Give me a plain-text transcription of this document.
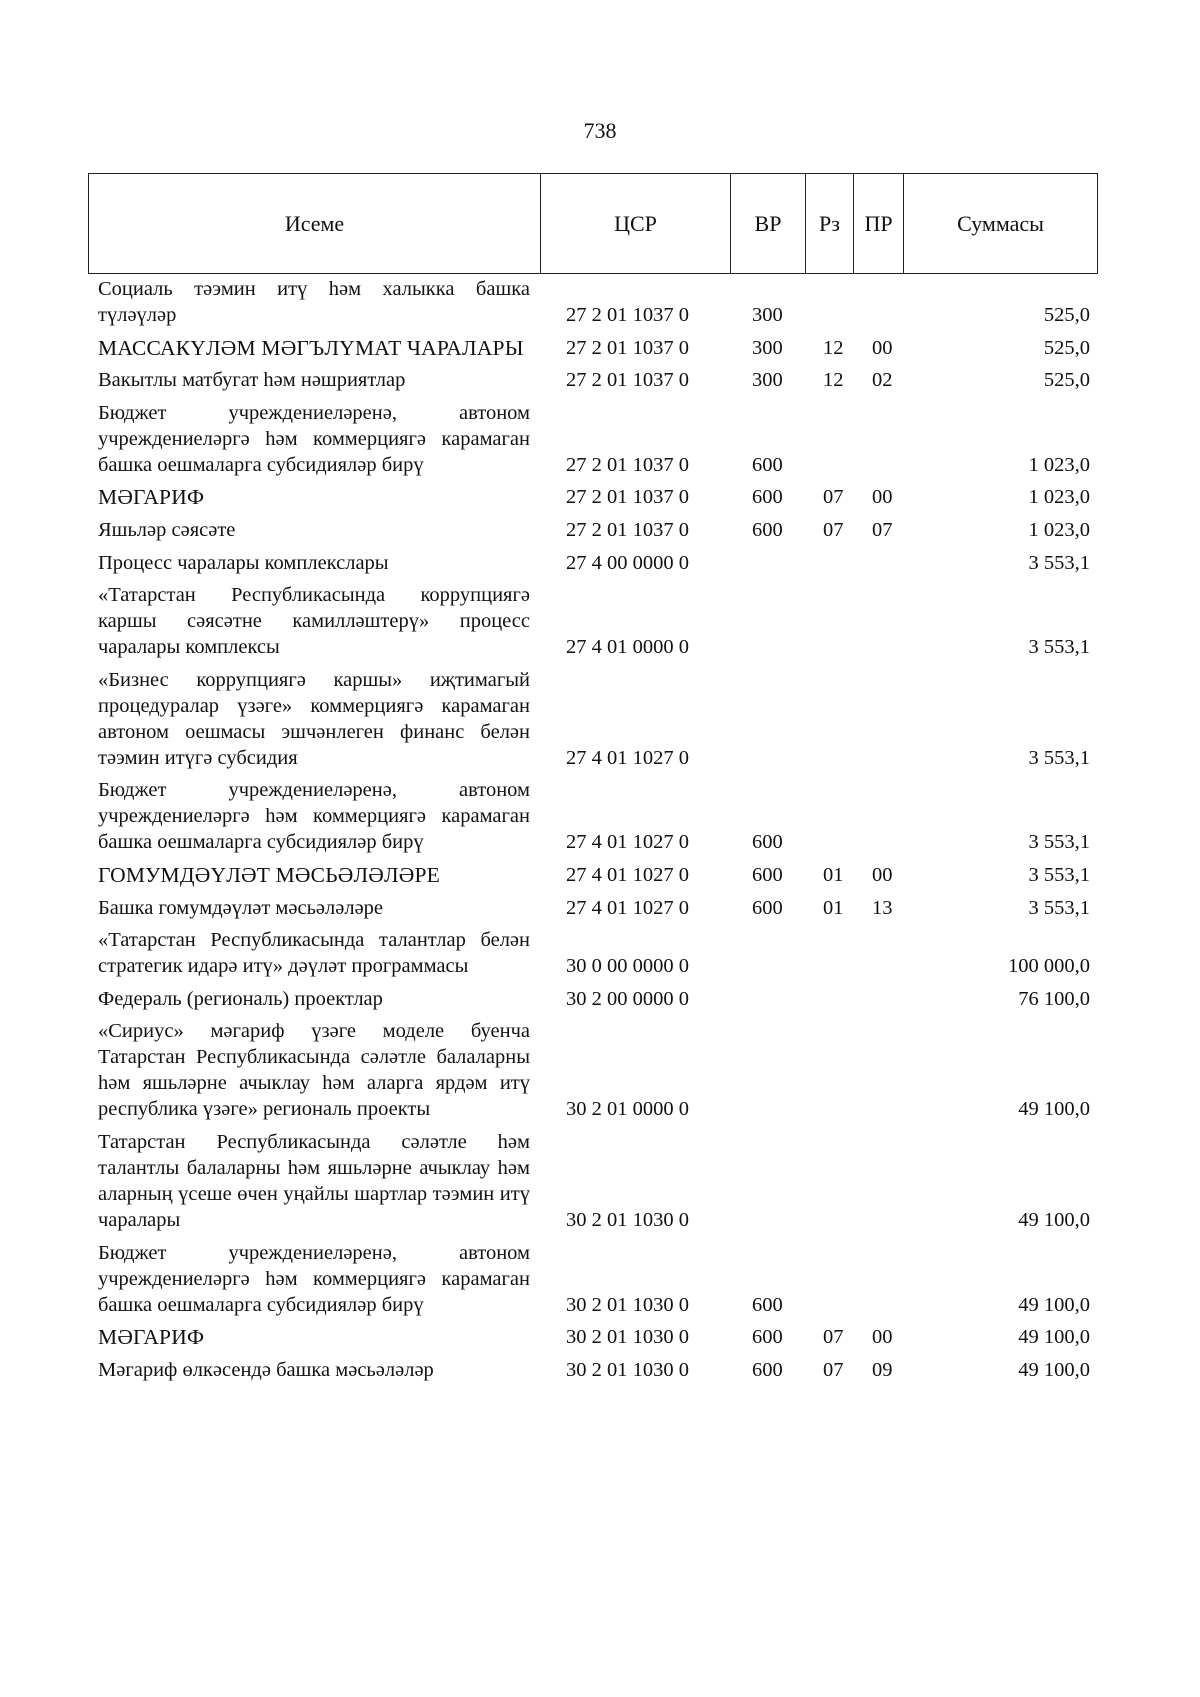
738
Исеме	ЦСР	ВР	Рз	ПР	Суммасы
Социаль тәэмин итү һәм халыкка башка түләүләр	27 2 01 1037 0	300	525,0
МАССАКҮЛӘМ МӘГЪЛҮМАТ ЧАРАЛАРЫ	27 2 01 1037 0	300 12 00	525,0
Вакытлы матбугат һәм нәшриятлар	27 2 01 1037 0	300 12 02	525,0
Бюджет учреждениеләренә, автоном учреждениеләргә һәм коммерциягә карамаган башка оешмаларга субсидияләр бирү	27 2 01 1037 0	600	1 023,0
МӘГАРИФ	27 2 01 1037 0	600 07 00	1 023,0
Яшьләр сәясәте	27 2 01 1037 0	600 07 07	1 023,0
Процесс чаралары комплекслары	27 4 00 0000 0	3 553,1
«Татарстан Республикасында коррупциягә каршы сәясәтне камилләштерү» процесс чаралары комплексы	27 4 01 0000 0	3 553,1
«Бизнес коррупциягә каршы» иҗтимагый процедуралар үзәге» коммерциягә карамаган автоном оешмасы эшчәнлеген финанс белән тәэмин итүгә субсидия	27 4 01 1027 0	3 553,1
Бюджет учреждениеләренә, автоном учреждениеләргә һәм коммерциягә карамаган башка оешмаларга субсидияләр бирү	27 4 01 1027 0	600	3 553,1
ГОМУМДӘҮЛӘТ МӘСЬӘЛӘЛӘРЕ	27 4 01 1027 0	600 01 00	3 553,1
Башка гомумдәүләт мәсьәләләре	27 4 01 1027 0	600 01 13	3 553,1
«Татарстан Республикасында талантлар белән стратегик идарә итү» дәүләт программасы	30 0 00 0000 0	100 000,0
Федераль (региональ) проектлар	30 2 00 0000 0	76 100,0
«Сириус» мәгариф үзәге моделе буенча Татарстан Республикасында сәләтле балаларны һәм яшьләрне ачыклау һәм аларга ярдәм итү республика үзәге» региональ проекты	30 2 01 0000 0	49 100,0
Татарстан Республикасында сәләтле һәм талантлы балаларны һәм яшьләрне ачыклау һәм аларның үсеше өчен уңайлы шартлар тәэмин итү чаралары	30 2 01 1030 0	49 100,0
Бюджет учреждениеләренә, автоном учреждениеләргә һәм коммерциягә карамаган башка оешмаларга субсидияләр бирү	30 2 01 1030 0	600	49 100,0
МӘГАРИФ	30 2 01 1030 0	600 07 00	49 100,0
Мәгариф өлкәсендә башка мәсьәләләр	30 2 01 1030 0	600 07 09	49 100,0
